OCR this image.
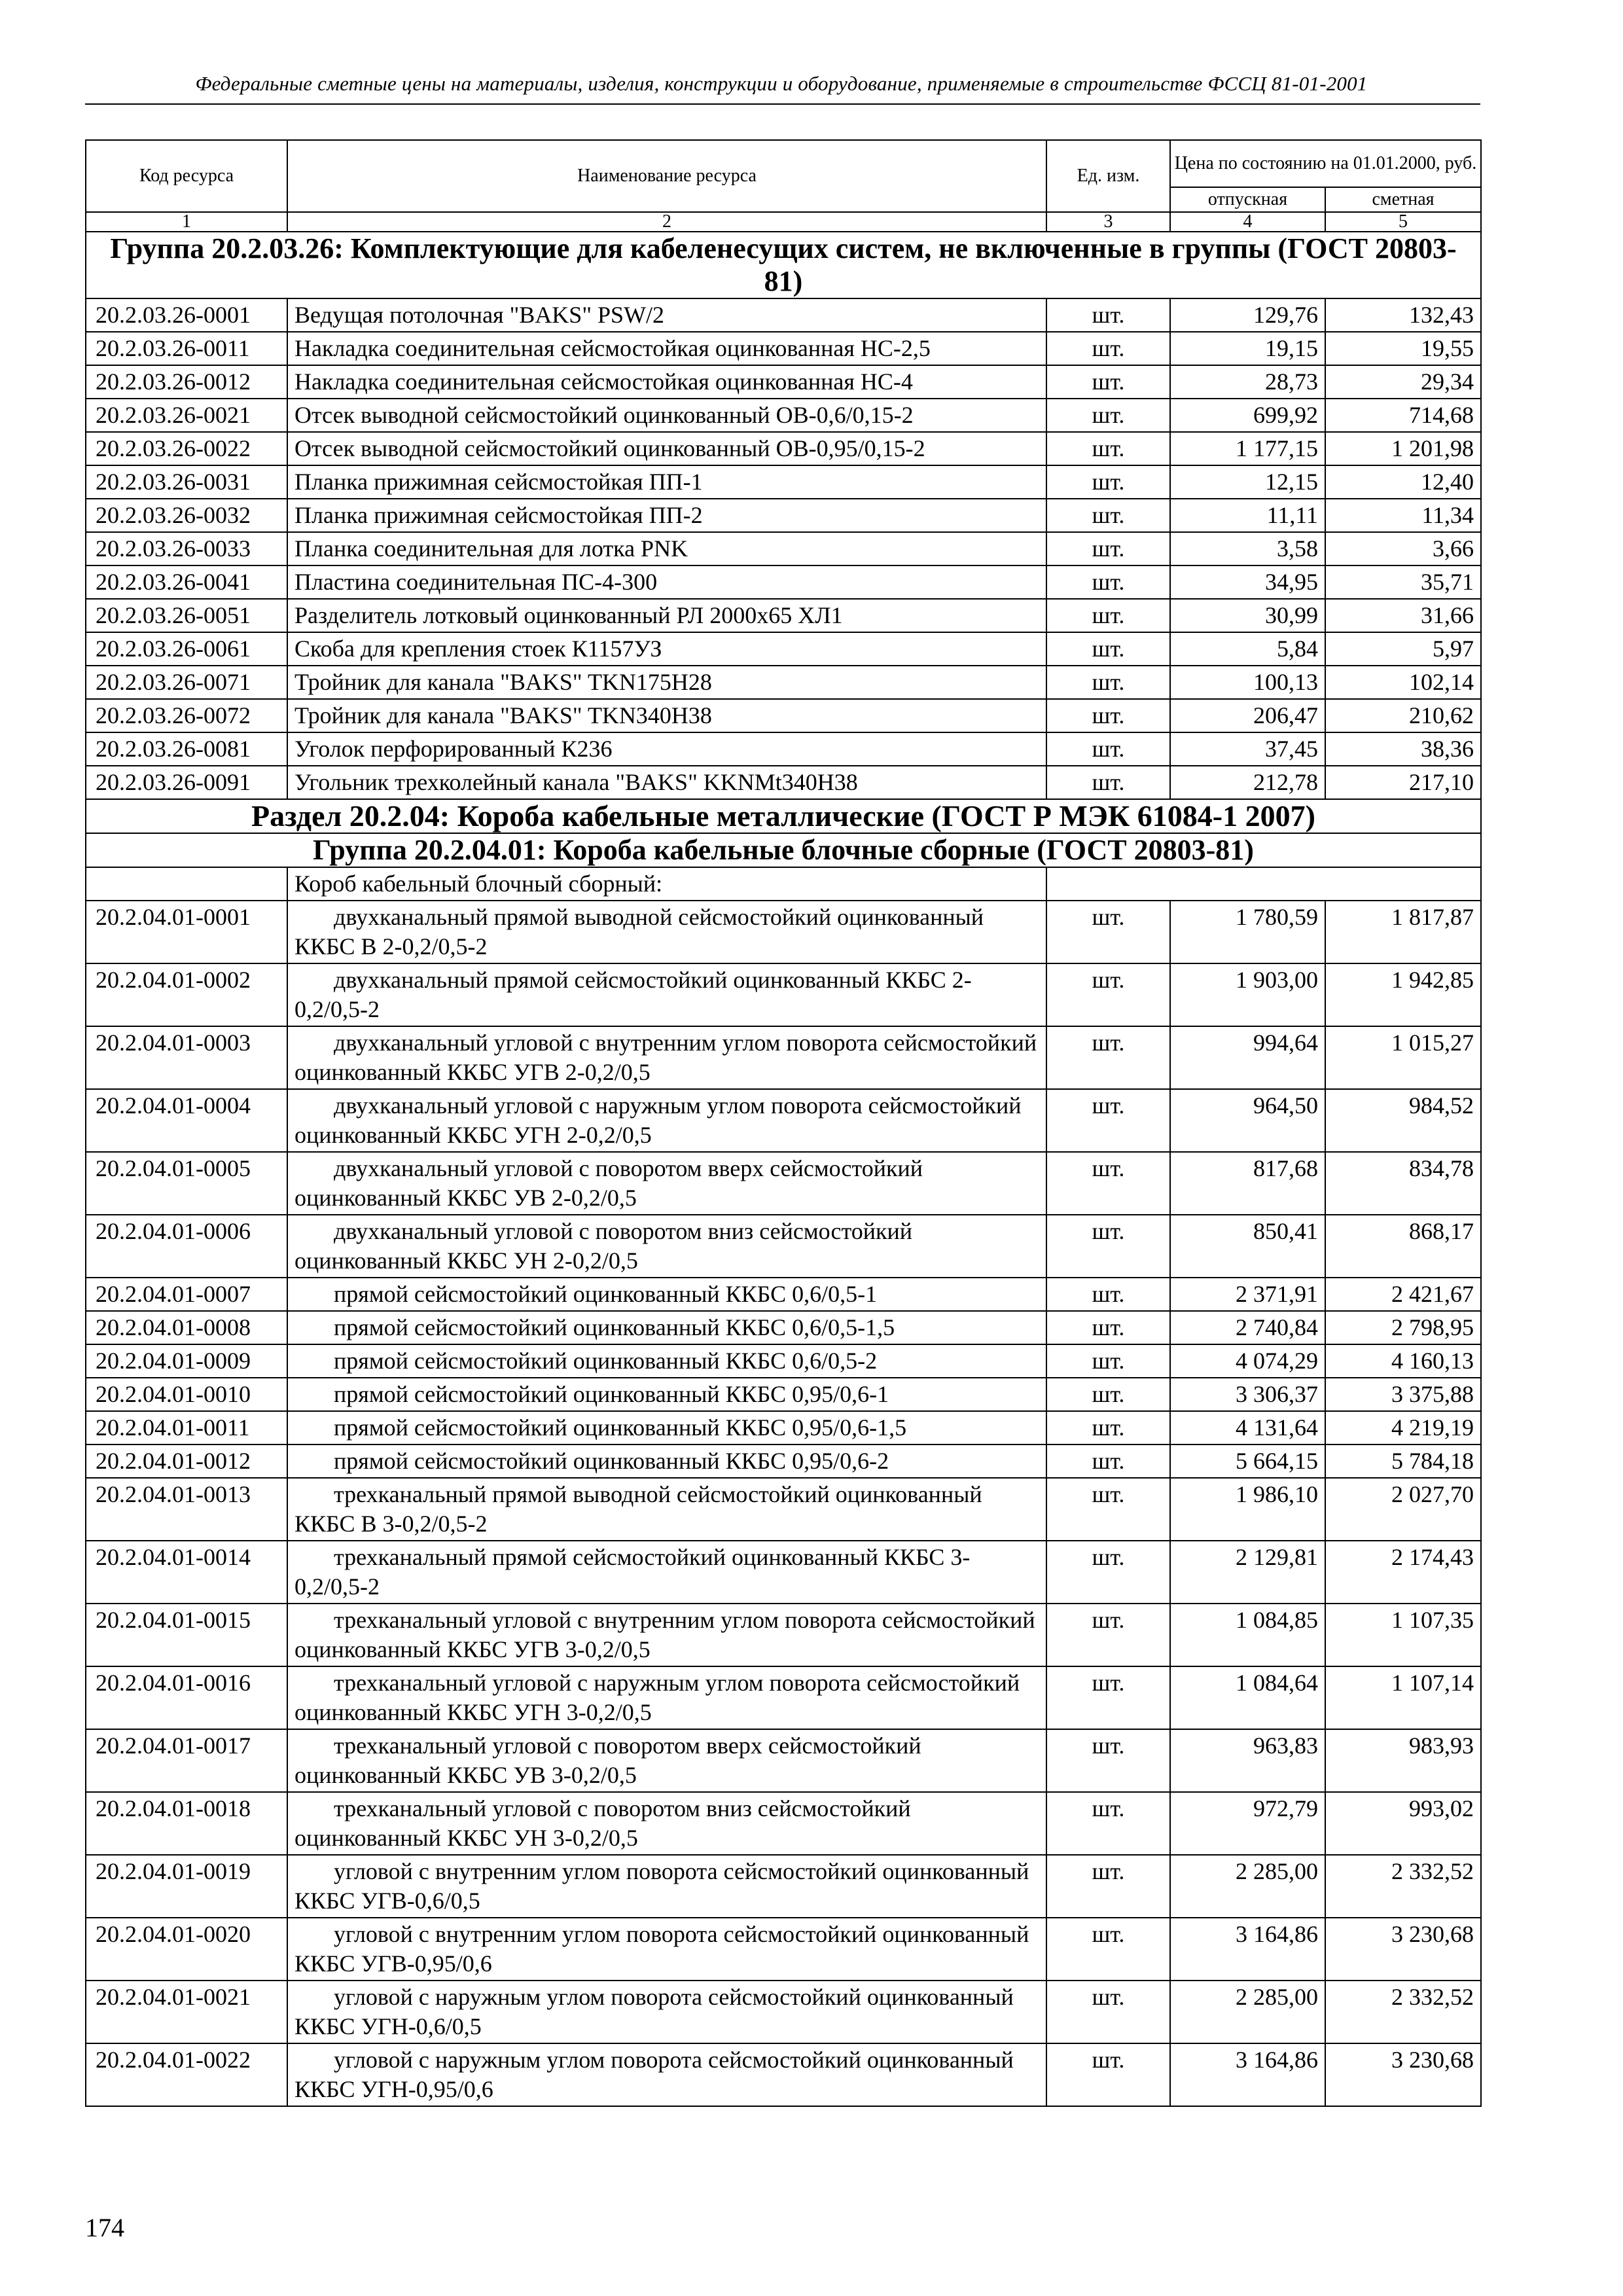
Федеральные сметные цены на материалы, изделия, конструкции и оборудование, применяемые в строительстве ФССЦ 81-01-2001
Код ресурса	Наименование ресурса	Ед. изм.	Цена по состоянию на 01.01.2000, руб.	
			отпускная	сметная
1	2	3	4	5
Группа 20.2.03.26: Комплектующие для кабеленесущих систем, не включенные в группы (ГОСТ 20803-81)				
20.2.03.26-0001	Ведущая потолочная "BAKS" PSW/2	шт.	129,76	132,43
20.2.03.26-0011	Накладка соединительная сейсмостойкая оцинкованная НС-2,5	шт.	19,15	19,55
20.2.03.26-0012	Накладка соединительная сейсмостойкая оцинкованная НС-4	шт.	28,73	29,34
20.2.03.26-0021	Отсек выводной сейсмостойкий оцинкованный ОВ-0,6/0,15-2	шт.	699,92	714,68
20.2.03.26-0022	Отсек выводной сейсмостойкий оцинкованный ОВ-0,95/0,15-2	шт.	1 177,15	1 201,98
20.2.03.26-0031	Планка прижимная сейсмостойкая ПП-1	шт.	12,15	12,40
20.2.03.26-0032	Планка прижимная сейсмостойкая ПП-2	шт.	11,11	11,34
20.2.03.26-0033	Планка соединительная для лотка PNK	шт.	3,58	3,66
20.2.03.26-0041	Пластина соединительная ПС-4-300	шт.	34,95	35,71
20.2.03.26-0051	Разделитель лотковый оцинкованный РЛ 2000х65 ХЛ1	шт.	30,99	31,66
20.2.03.26-0061	Скоба для крепления стоек К1157УЗ	шт.	5,84	5,97
20.2.03.26-0071	Тройник для канала "BAKS" TKN175H28	шт.	100,13	102,14
20.2.03.26-0072	Тройник для канала "BAKS" TKN340H38	шт.	206,47	210,62
20.2.03.26-0081	Уголок перфорированный К236	шт.	37,45	38,36
20.2.03.26-0091	Угольник трехколейный канала "BAKS" KKNMt340H38	шт.	212,78	217,10
Раздел 20.2.04: Короба кабельные металлические (ГОСТ Р МЭК 61084-1 2007)				
Группа 20.2.04.01: Короба кабельные блочные сборные (ГОСТ 20803-81)				
	Короб кабельный блочный сборный:			
20.2.04.01-0001	двухканальный прямой выводной сейсмостойкий оцинкованный ККБС В 2-0,2/0,5-2	шт.	1 780,59	1 817,87
20.2.04.01-0002	двухканальный прямой сейсмостойкий оцинкованный ККБС 2-0,2/0,5-2	шт.	1 903,00	1 942,85
20.2.04.01-0003	двухканальный угловой с внутренним углом поворота сейсмостойкий оцинкованный ККБС УГВ 2-0,2/0,5	шт.	994,64	1 015,27
20.2.04.01-0004	двухканальный угловой с наружным углом поворота сейсмостойкий оцинкованный ККБС УГН 2-0,2/0,5	шт.	964,50	984,52
20.2.04.01-0005	двухканальный угловой с поворотом вверх сейсмостойкий оцинкованный ККБС УВ 2-0,2/0,5	шт.	817,68	834,78
20.2.04.01-0006	двухканальный угловой с поворотом вниз сейсмостойкий оцинкованный ККБС УН 2-0,2/0,5	шт.	850,41	868,17
20.2.04.01-0007	прямой сейсмостойкий оцинкованный ККБС 0,6/0,5-1	шт.	2 371,91	2 421,67
20.2.04.01-0008	прямой сейсмостойкий оцинкованный ККБС 0,6/0,5-1,5	шт.	2 740,84	2 798,95
20.2.04.01-0009	прямой сейсмостойкий оцинкованный ККБС 0,6/0,5-2	шт.	4 074,29	4 160,13
20.2.04.01-0010	прямой сейсмостойкий оцинкованный ККБС 0,95/0,6-1	шт.	3 306,37	3 375,88
20.2.04.01-0011	прямой сейсмостойкий оцинкованный ККБС 0,95/0,6-1,5	шт.	4 131,64	4 219,19
20.2.04.01-0012	прямой сейсмостойкий оцинкованный ККБС 0,95/0,6-2	шт.	5 664,15	5 784,18
20.2.04.01-0013	трехканальный прямой выводной сейсмостойкий оцинкованный ККБС В 3-0,2/0,5-2	шт.	1 986,10	2 027,70
20.2.04.01-0014	трехканальный прямой сейсмостойкий оцинкованный ККБС 3- 0,2/0,5-2	шт.	2 129,81	2 174,43
20.2.04.01-0015	трехканальный угловой с внутренним углом поворота сейсмостойкий оцинкованный ККБС УГВ 3-0,2/0,5	шт.	1 084,85	1 107,35
20.2.04.01-0016	трехканальный угловой с наружным углом поворота сейсмостойкий оцинкованный ККБС УГН 3-0,2/0,5	шт.	1 084,64	1 107,14
20.2.04.01-0017	трехканальный угловой с поворотом вверх сейсмостойкий оцинкованный ККБС УВ 3-0,2/0,5	шт.	963,83	983,93
20.2.04.01-0018	трехканальный угловой с поворотом вниз сейсмостойкий оцинкованный ККБС УН 3-0,2/0,5	шт.	972,79	993,02
20.2.04.01-0019	угловой с внутренним углом поворота сейсмостойкий оцинкованный ККБС УГВ-0,6/0,5	шт.	2 285,00	2 332,52
20.2.04.01-0020	угловой с внутренним углом поворота сейсмостойкий оцинкованный ККБС УГВ-0,95/0,6	шт.	3 164,86	3 230,68
20.2.04.01-0021	угловой с наружным углом поворота сейсмостойкий оцинкованный ККБС УГН-0,6/0,5	шт.	2 285,00	2 332,52
20.2.04.01-0022	угловой с наружным углом поворота сейсмостойкий оцинкованный ККБС УГН-0,95/0,6	шт.	3 164,86	3 230,68
174
